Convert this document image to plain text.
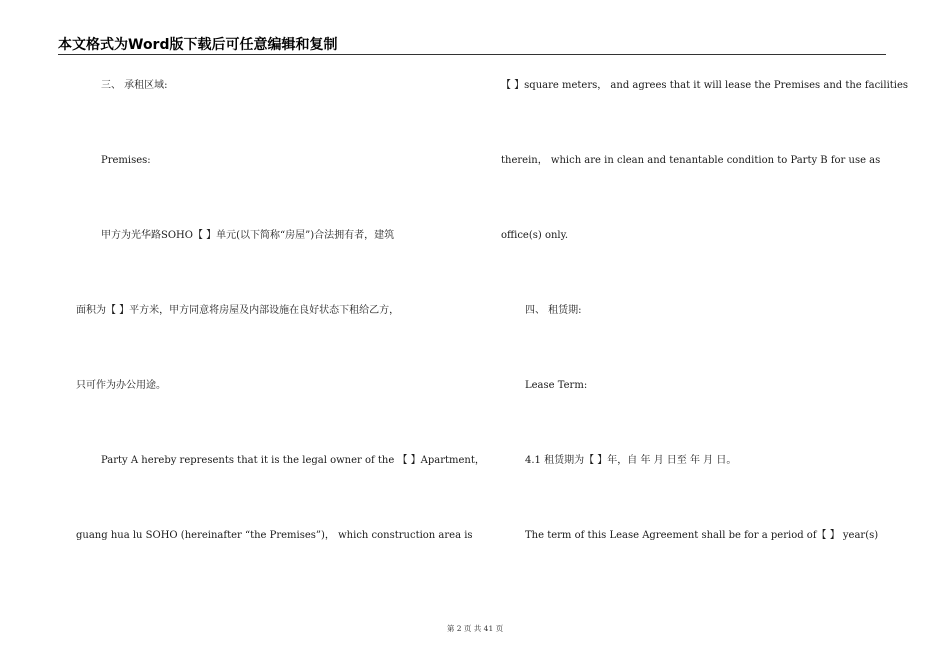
本文格式为Word版下载后可任意编辑和复制
三、 承租区域:
Premises:
甲方为光华路SOHO【 】单元(以下简称“房屋”)合法拥有者，建筑
面积为【 】平方米，甲方同意将房屋及内部设施在良好状态下租给乙方，
只可作为办公用途。
Party A hereby represents that it is the legal owner of the 【 】Apartment，
guang hua lu SOHO (hereinafter “the Premises”)， which construction area is
【 】square meters， and agrees that it will lease the Premises and the facilities
therein， which are in clean and tenantable condition to Party B for use as
office(s) only.
四、 租赁期:
Lease Term:
4.1 租赁期为【 】年，自 年 月 日至 年 月 日。
The term of this Lease Agreement shall be for a period of【 】 year(s)
第 2 页 共 41 页
